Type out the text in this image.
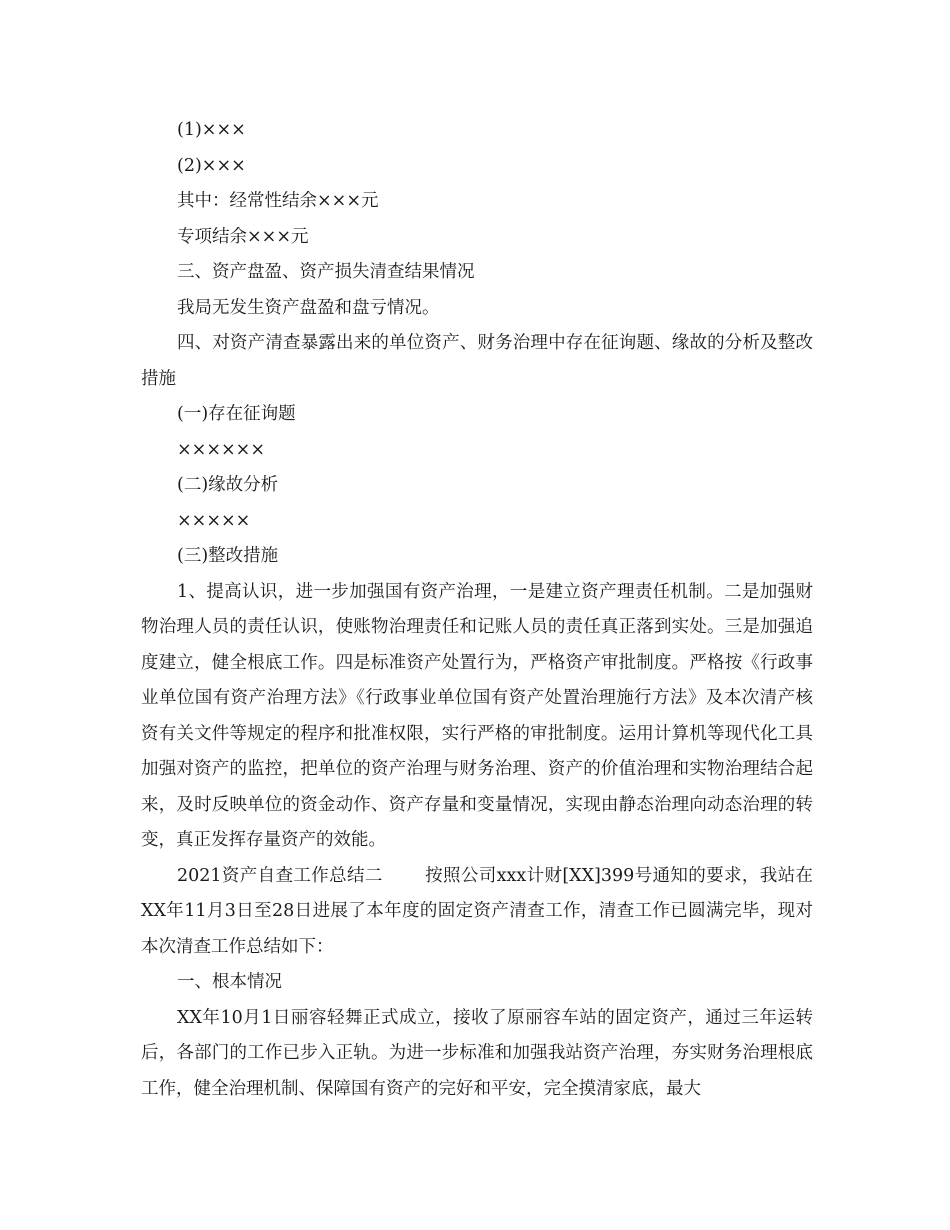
(1)×××

(2)×××

其中：经常性结余×××元

专项结余×××元

三、资产盘盈、资产损失清查结果情况

我局无发生资产盘盈和盘亏情况。

四、对资产清查暴露出来的单位资产、财务治理中存在征询题、缘故的分析及整改措施

(一)存在征询题

××××××

(二)缘故分析

×××××

(三)整改措施

1、提高认识，进一步加强国有资产治理，一是建立资产理责任机制。二是加强财物治理人员的责任认识，使账物治理责任和记账人员的责任真正落到实处。三是加强追度建立，健全根底工作。四是标准资产处置行为，严格资产审批制度。严格按《行政事业单位国有资产治理方法》《行政事业单位国有资产处置治理施行方法》及本次清产核资有关文件等规定的程序和批准权限，实行严格的审批制度。运用计算机等现代化工具加强对资产的监控，把单位的资产治理与财务治理、资产的价值治理和实物治理结合起来，及时反映单位的资金动作、资产存量和变量情况，实现由静态治理向动态治理的转变，真正发挥存量资产的效能。

2021资产自查工作总结二 按照公司xxx计财[XX]399号通知的要求，我站在XX年11月3日至28日进展了本年度的固定资产清查工作，清查工作已圆满完毕，现对本次清查工作总结如下：

一、根本情况

XX年10月1日丽容轻舞正式成立，接收了原丽容车站的固定资产，通过三年运转后，各部门的工作已步入正轨。为进一步标准和加强我站资产治理，夯实财务治理根底工作，健全治理机制、保障国有资产的完好和平安，完全摸清家底，最大
